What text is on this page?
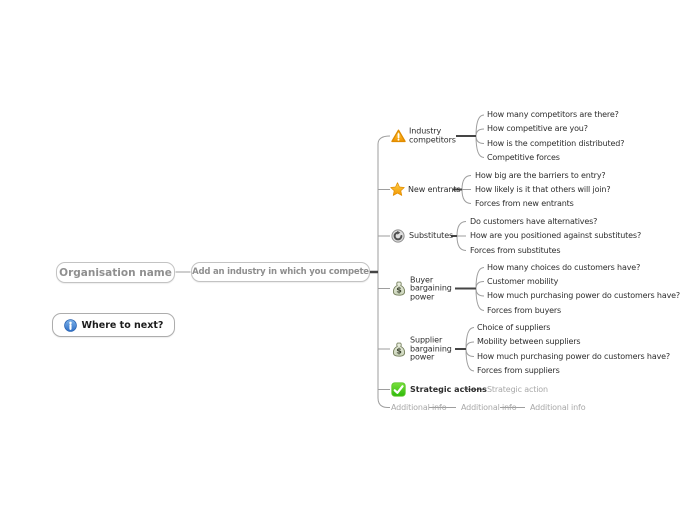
Organisation name Add an industry in which you compete
Where to next?
$
$
Industry competitors
New entrants
Substitutes
Buyer bargaining power
Supplier bargaining power
Strategic actions
How many competitors are there?
How competitive are you?
How is the competition distributed?
Competitive forces
How big are the barriers to entry?
How likely is it that others will join?
Forces from new entrants
Do customers have alternatives?
How are you positioned against substitutes?
Forces from substitutes
How many choices do customers have?
Customer mobility
How much purchasing power do customers have?
Forces from buyers
Choice of suppliers
Mobility between suppliers
How much purchasing power do customers have?
Forces from suppliers
Strategic action
Additional info Additional info Additional info
